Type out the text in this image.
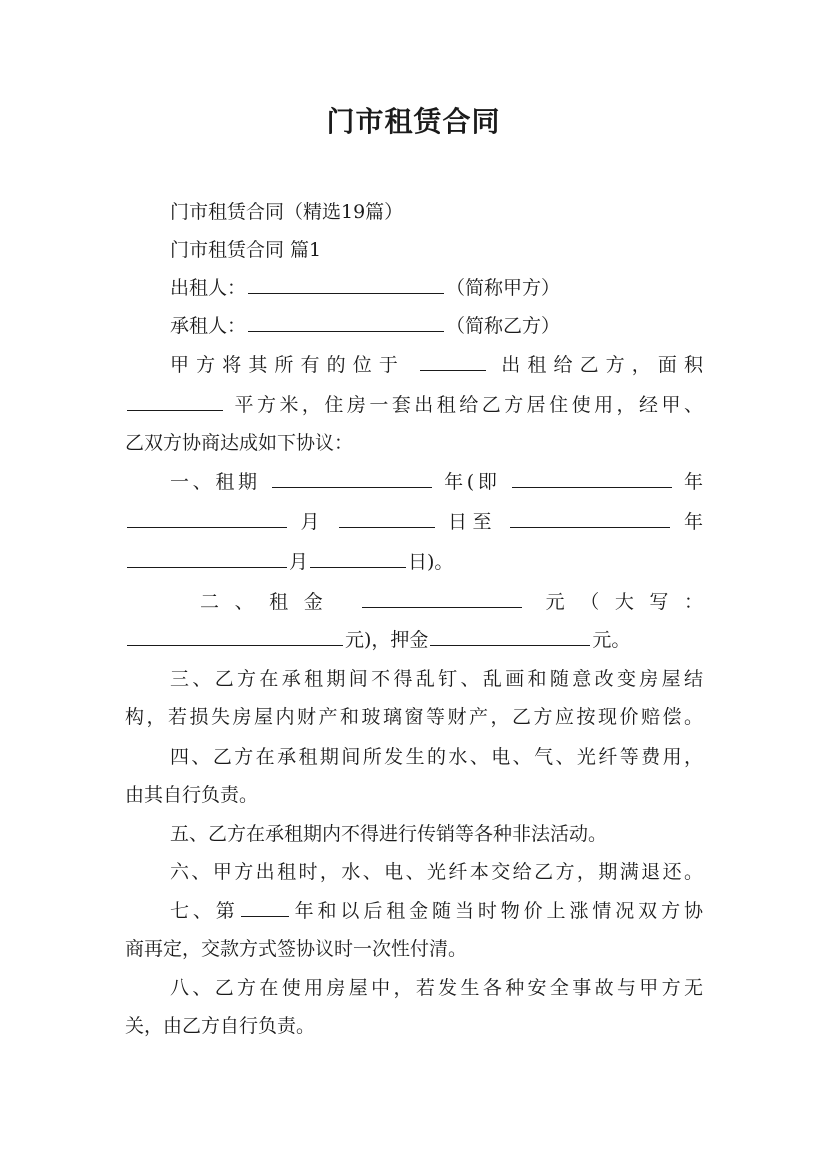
门市租赁合同
门市租赁合同（精选19篇）
门市租赁合同 篇1
出租人：	（简称甲方）
承租人：	（简称乙方）
甲方将其所有的位于	出租给乙方，面积
平方米，住房一套出租给乙方居住使用，经甲、
乙双方协商达成如下协议：
一、租期	年(即	年
月	日至	年
月	日)。
二、租金	元（大写：
元)，押金	元。
三、乙方在承租期间不得乱钉、乱画和随意改变房屋结
构，若损失房屋内财产和玻璃窗等财产，乙方应按现价赔偿。
四、乙方在承租期间所发生的水、电、气、光纤等费用，
由其自行负责。
五、乙方在承租期内不得进行传销等各种非法活动。
六、甲方出租时，水、电、光纤本交给乙方，期满退还。
七、第	年和以后租金随当时物价上涨情况双方协
商再定，交款方式签协议时一次性付清。
八、乙方在使用房屋中，若发生各种安全事故与甲方无
关，由乙方自行负责。
